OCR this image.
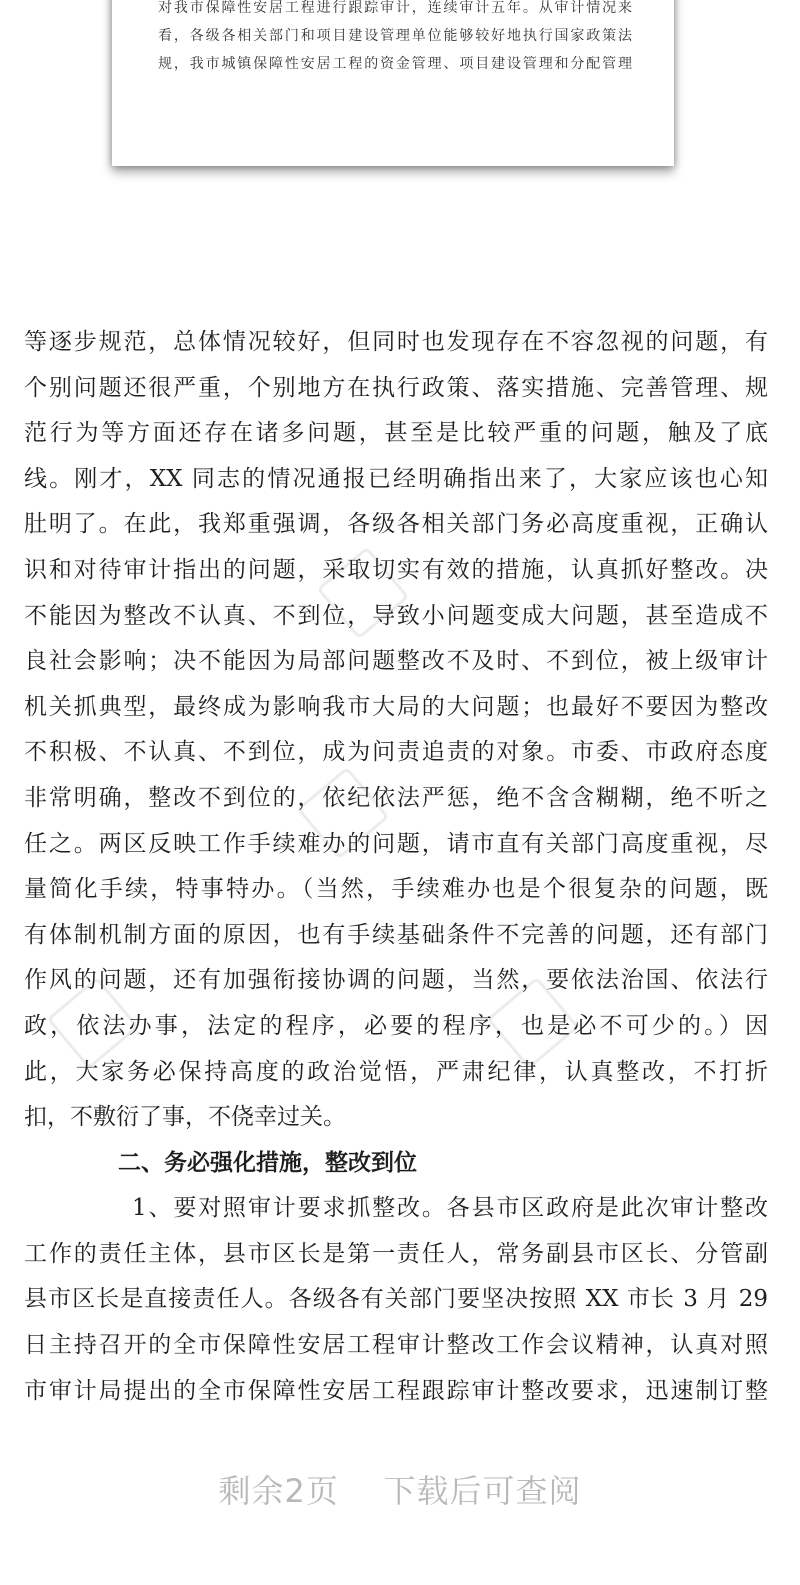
对我市保障性安居工程进行跟踪审计，连续审计五年。从审计情况来

看，各级各相关部门和项目建设管理单位能够较好地执行国家政策法

规，我市城镇保障性安居工程的资金管理、项目建设管理和分配管理

等逐步规范，总体情况较好，但同时也发现存在不容忽视的问题，有

个别问题还很严重，个别地方在执行政策、落实措施、完善管理、规

范行为等方面还存在诸多问题，甚至是比较严重的问题，触及了底

线。刚才，XX 同志的情况通报已经明确指出来了，大家应该也心知

肚明了。在此，我郑重强调，各级各相关部门务必高度重视，正确认

识和对待审计指出的问题，采取切实有效的措施，认真抓好整改。决

不能因为整改不认真、不到位，导致小问题变成大问题，甚至造成不

良社会影响；决不能因为局部问题整改不及时、不到位，被上级审计

机关抓典型，最终成为影响我市大局的大问题；也最好不要因为整改

不积极、不认真、不到位，成为问责追责的对象。市委、市政府态度

非常明确，整改不到位的，依纪依法严惩，绝不含含糊糊，绝不听之

任之。两区反映工作手续难办的问题，请市直有关部门高度重视，尽

量简化手续，特事特办。（当然，手续难办也是个很复杂的问题，既

有体制机制方面的原因，也有手续基础条件不完善的问题，还有部门

作风的问题，还有加强衔接协调的问题，当然，要依法治国、依法行

政，依法办事，法定的程序，必要的程序，也是必不可少的。）因

此，大家务必保持高度的政治觉悟，严肃纪律，认真整改，不打折

扣，不敷衍了事，不侥幸过关。

二、务必强化措施，整改到位

1、要对照审计要求抓整改。各县市区政府是此次审计整改

工作的责任主体，县市区长是第一责任人，常务副县市区长、分管副

县市区长是直接责任人。各级各有关部门要坚决按照 XX 市长 3 月 29

日主持召开的全市保障性安居工程审计整改工作会议精神，认真对照

市审计局提出的全市保障性安居工程跟踪审计整改要求，迅速制订整

剩余2页    下载后可查阅
